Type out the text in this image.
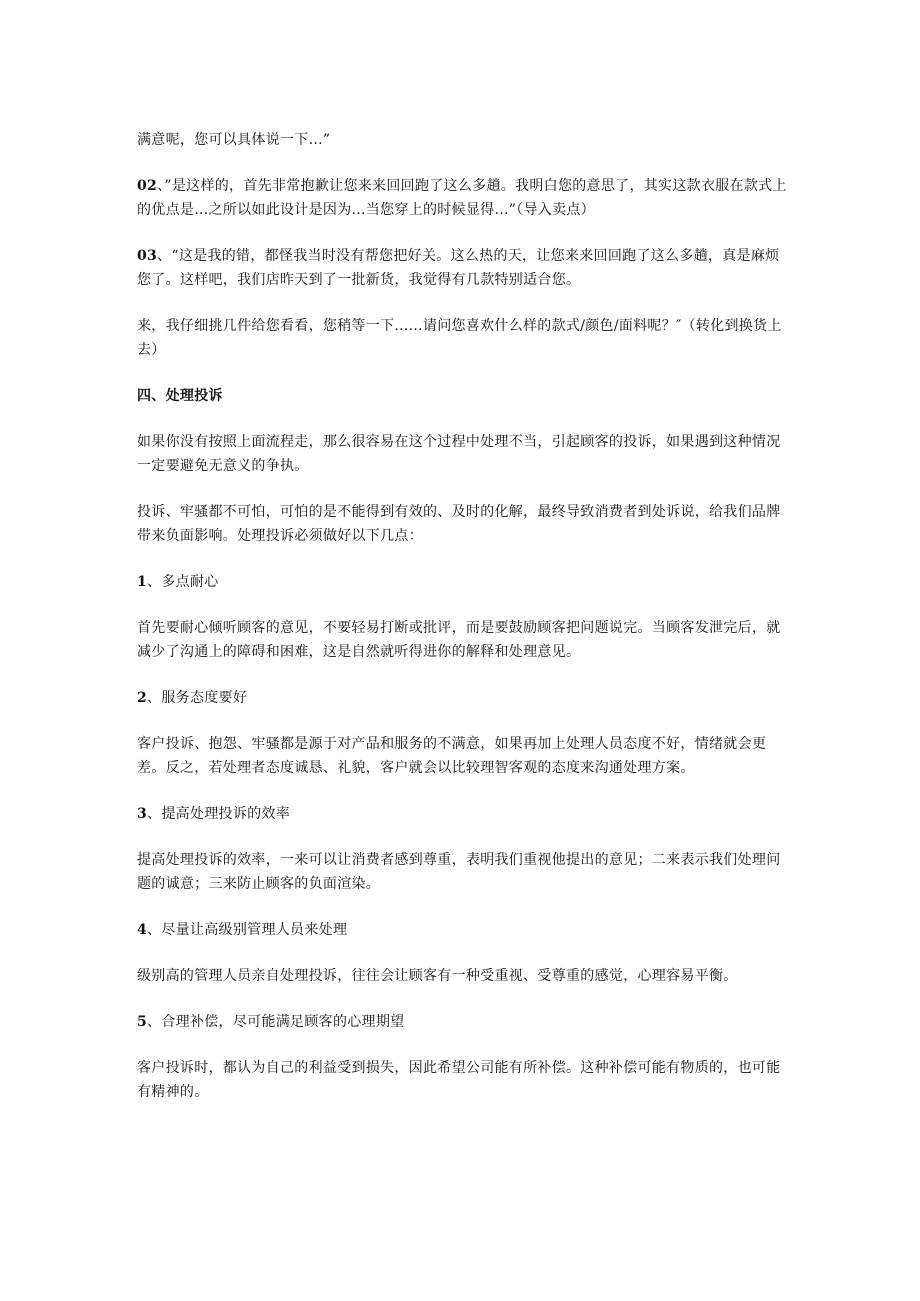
满意呢，您可以具体说一下...”

02、”是这样的，首先非常抱歉让您来来回回跑了这么多趟。我明白您的意思了，其实这款衣服在款式上的优点是…之所以如此设计是因为...当您穿上的时候显得...”（导入卖点）

03、“这是我的错，都怪我当时没有帮您把好关。这么热的天，让您来来回回跑了这么多趟，真是麻烦您了。这样吧，我们店昨天到了一批新货，我觉得有几款特别适合您。

来，我仔细挑几件给您看看，您稍等一下......请问您喜欢什么样的款式/颜色/面料呢？″（转化到换货上去）

四、处理投诉

如果你没有按照上面流程走，那么很容易在这个过程中处理不当，引起顾客的投诉，如果遇到这种情况一定要避免无意义的争执。

投诉、牢骚都不可怕，可怕的是不能得到有效的、及时的化解，最终导致消费者到处诉说，给我们品牌带来负面影响。处理投诉必须做好以下几点：

1、多点耐心

首先要耐心倾听顾客的意见，不要轻易打断或批评，而是要鼓励顾客把问题说完。当顾客发泄完后，就减少了沟通上的障碍和困难，这是自然就听得进你的解释和处理意见。

2、服务态度要好

客户投诉、抱怨、牢骚都是源于对产品和服务的不满意，如果再加上处理人员态度不好，情绪就会更差。反之，若处理者态度诚恳、礼貌，客户就会以比较理智客观的态度来沟通处理方案。

3、提高处理投诉的效率

提高处理投诉的效率，一来可以让消费者感到尊重，表明我们重视他提出的意见；二来表示我们处理问题的诚意；三来防止顾客的负面渲染。

4、尽量让高级别管理人员来处理

级别高的管理人员亲自处理投诉，往往会让顾客有一种受重视、受尊重的感觉，心理容易平衡。

5、合理补偿，尽可能满足顾客的心理期望

客户投诉时，都认为自己的利益受到损失，因此希望公司能有所补偿。这种补偿可能有物质的，也可能有精神的。
